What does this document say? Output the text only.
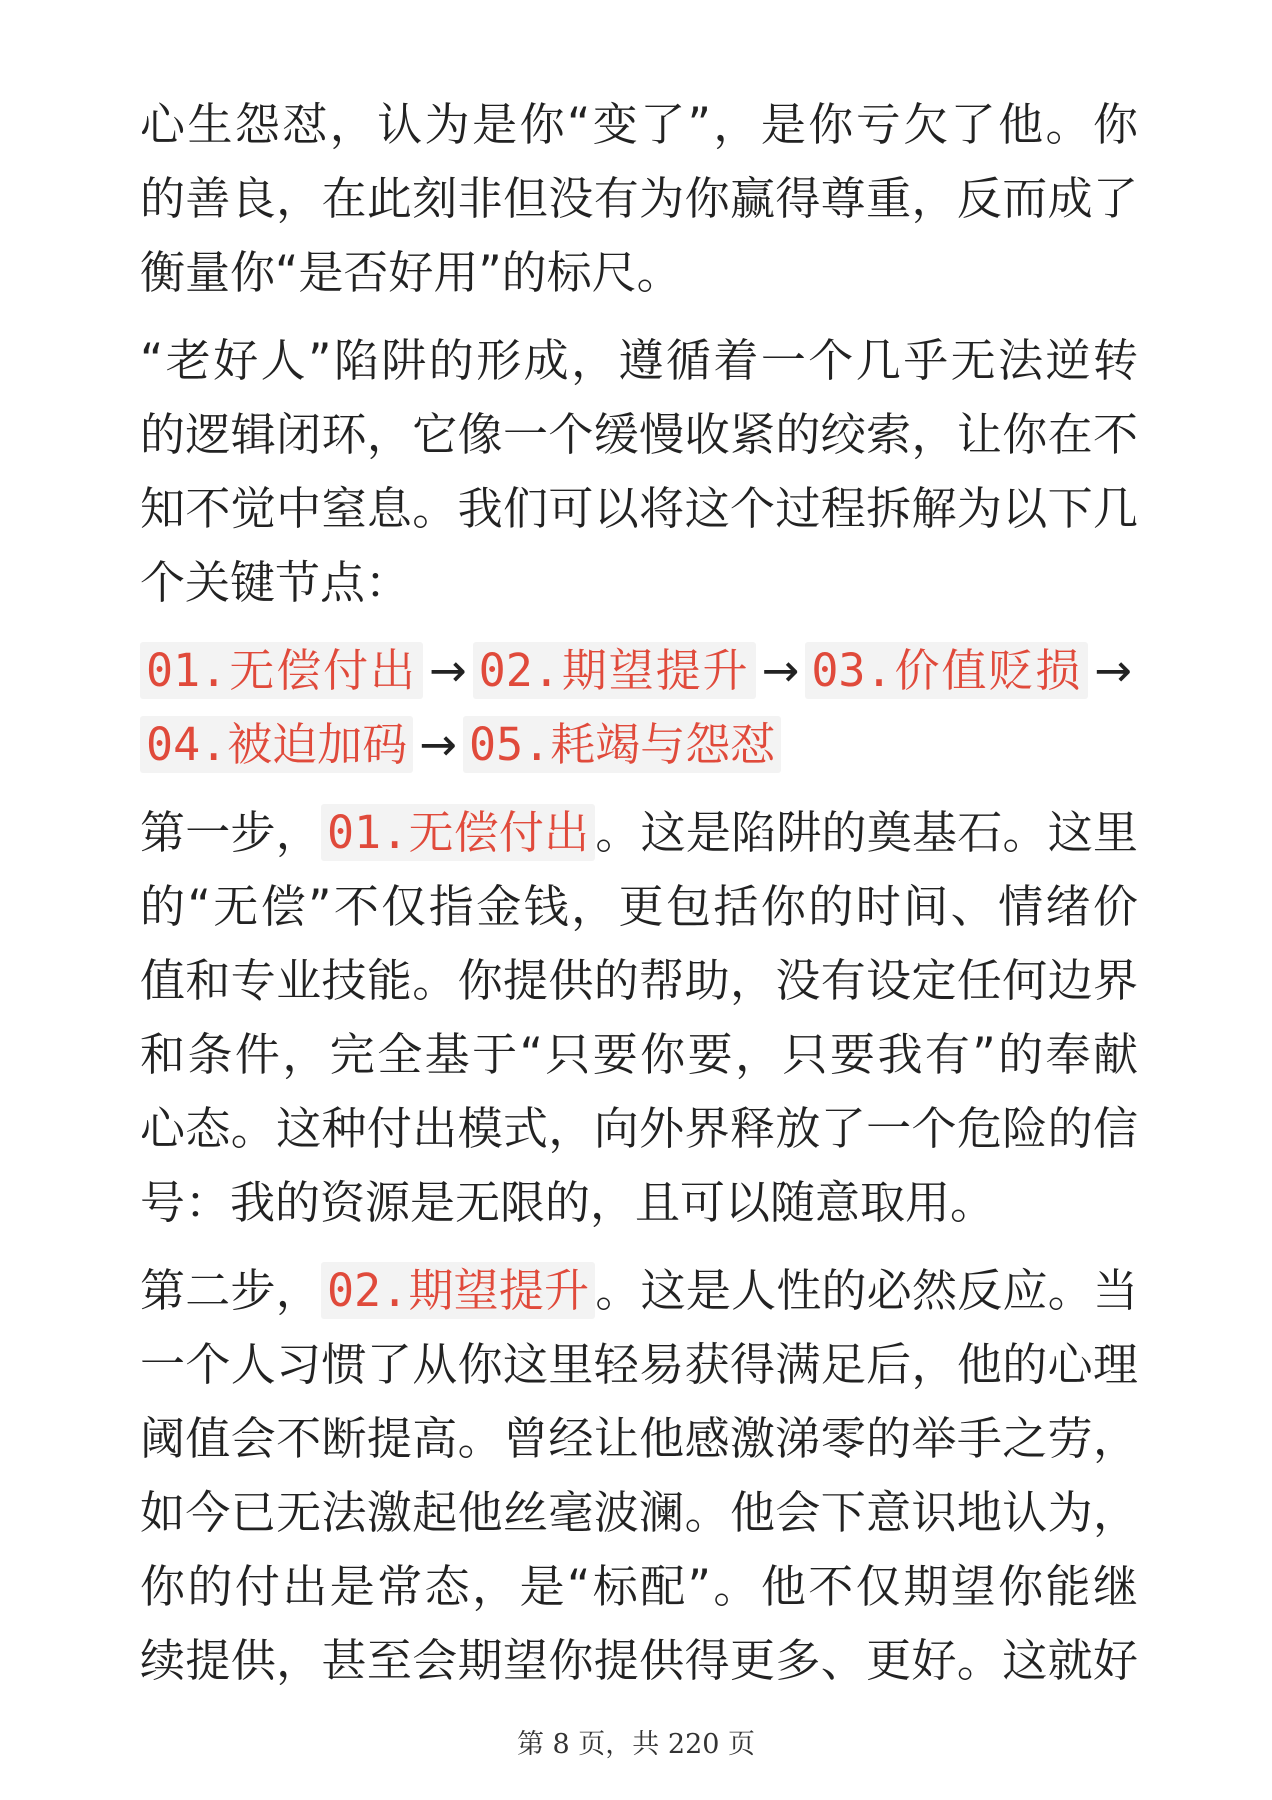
心生怨怼，认为是你“变了”，是你亏欠了他。你
的善良，在此刻非但没有为你赢得尊重，反而成了
衡量你“是否好用”的标尺。
“老好人”陷阱的形成，遵循着一个几乎无法逆转
的逻辑闭环，它像一个缓慢收紧的绞索，让你在不
知不觉中窒息。我们可以将这个过程拆解为以下几
个关键节点：
01.无偿付出 → 02.期望提升 → 03.价值贬损 →
04.被迫加码 → 05.耗竭与怨怼
第一步， 01.无偿付出 。这是陷阱的奠基石。这里
的“无偿”不仅指金钱，更包括你的时间、情绪价
值和专业技能。你提供的帮助，没有设定任何边界
和条件，完全基于“只要你要，只要我有”的奉献
心态。这种付出模式，向外界释放了一个危险的信
号：我的资源是无限的，且可以随意取用。
第二步， 02.期望提升 。这是人性的必然反应。当
一个人习惯了从你这里轻易获得满足后，他的心理
阈值会不断提高。曾经让他感激涕零的举手之劳，
如今已无法激起他丝毫波澜。他会下意识地认为，
你的付出是常态，是“标配”。他不仅期望你能继
续提供，甚至会期望你提供得更多、更好。这就好
第 8 页，共 220 页
